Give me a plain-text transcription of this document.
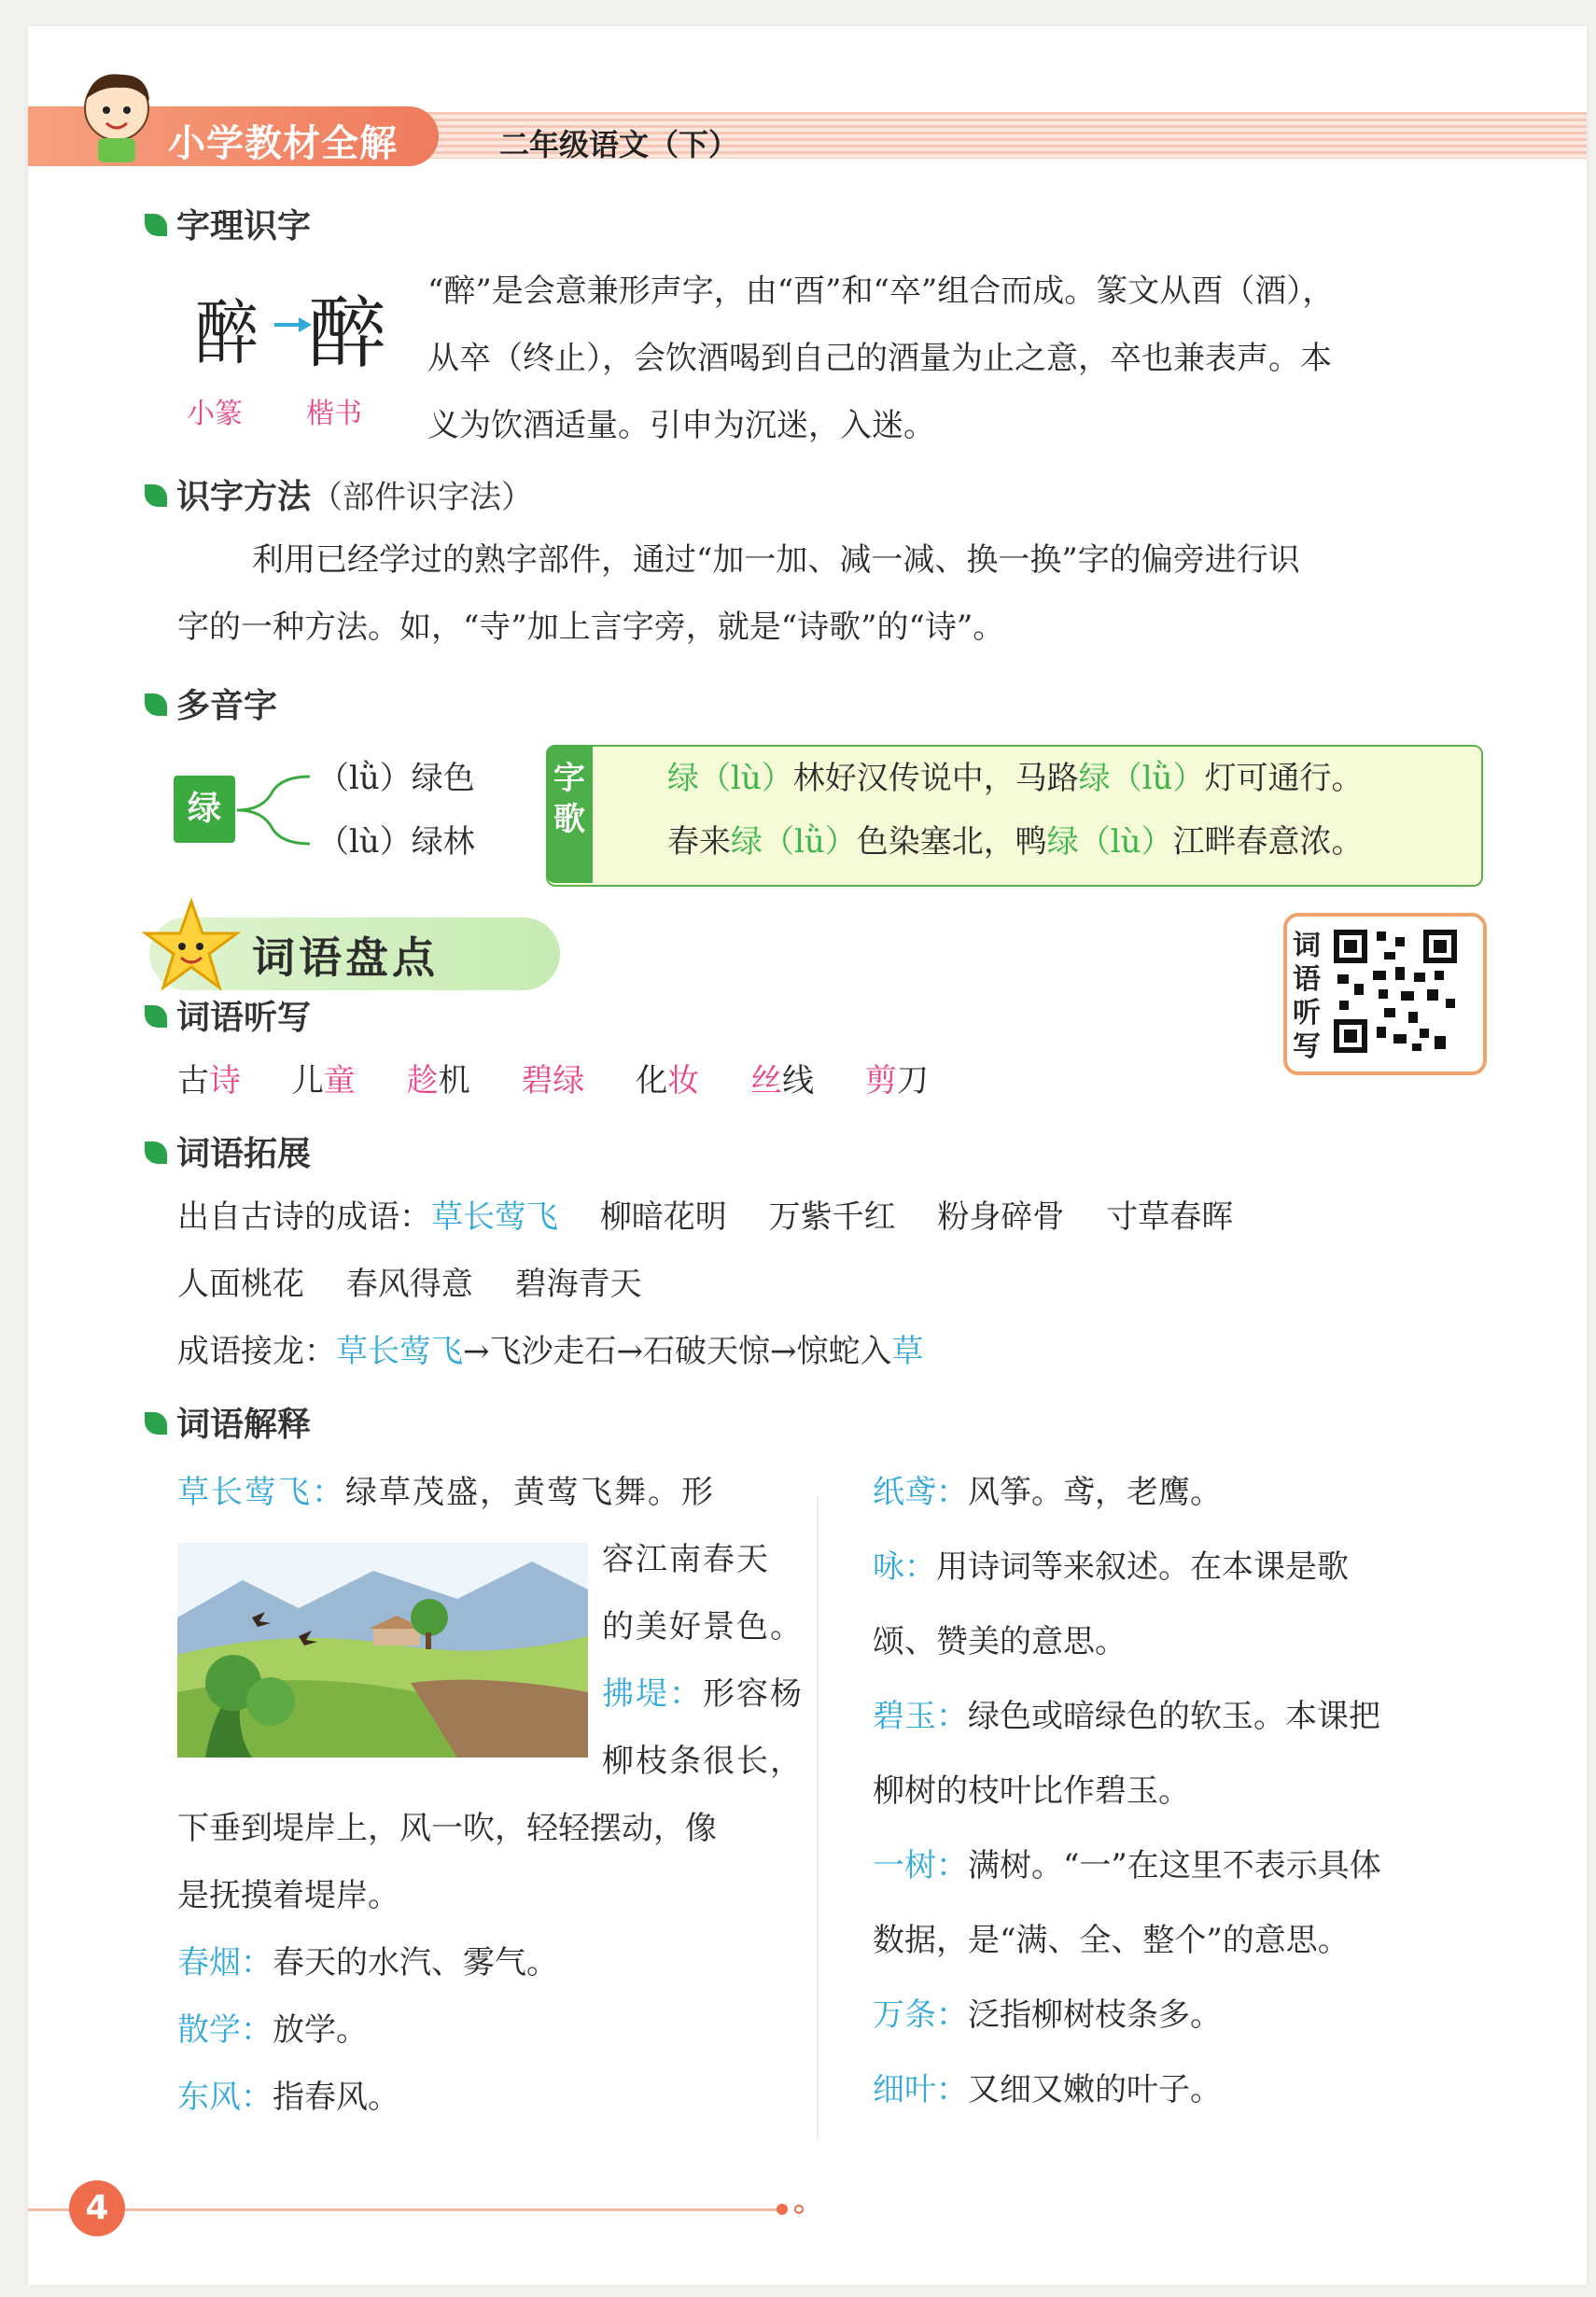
小学教材全解	二年级语文（下）
字理识字
醉 醉
小篆 楷书
“醉”是会意兼形声字，由“酉”和“卒”组合而成。篆文从酉（酒），
从卒（终止），会饮酒喝到自己的酒量为止之意，卒也兼表声。本
义为饮酒适量。引申为沉迷，入迷。
识字方法（部件识字法）
利用已经学过的熟字部件，通过“加一加、减一减、换一换”字的偏旁进行识
字的一种方法。如，“寺”加上言字旁，就是“诗歌”的“诗”。
多音字
绿
（lǜ）绿色
（lù）绿林
字
歌
绿（lù）林好汉传说中，马路绿（lǜ）灯可通行。
春来绿（lǜ）色染塞北，鸭绿（lù）江畔春意浓。
词语盘点	词
语
听
写
词语听写
古诗 儿童 趁机 碧绿 化妆 丝线 剪刀
词语拓展
出自古诗的成语：草长莺飞　 柳暗花明　 万紫千红　 粉身碎骨　 寸草春晖
人面桃花　 春风得意　 碧海青天
成语接龙：草长莺飞→飞沙走石→石破天惊→惊蛇入草
词语解释
草长莺飞：绿草茂盛，黄莺飞舞。形
容江南春天
的美好景色。
拂堤：形容杨
柳枝条很长，
下垂到堤岸上，风一吹，轻轻摆动，像
是抚摸着堤岸。
春烟：春天的水汽、雾气。
散学：放学。
东风：指春风。
纸鸢：风筝。鸢，老鹰。
咏：用诗词等来叙述。在本课是歌
颂、赞美的意思。
碧玉：绿色或暗绿色的软玉。本课把
柳树的枝叶比作碧玉。
一树：满树。“一”在这里不表示具体
数据，是“满、全、整个”的意思。
万条：泛指柳树枝条多。
细叶：又细又嫩的叶子。
4
